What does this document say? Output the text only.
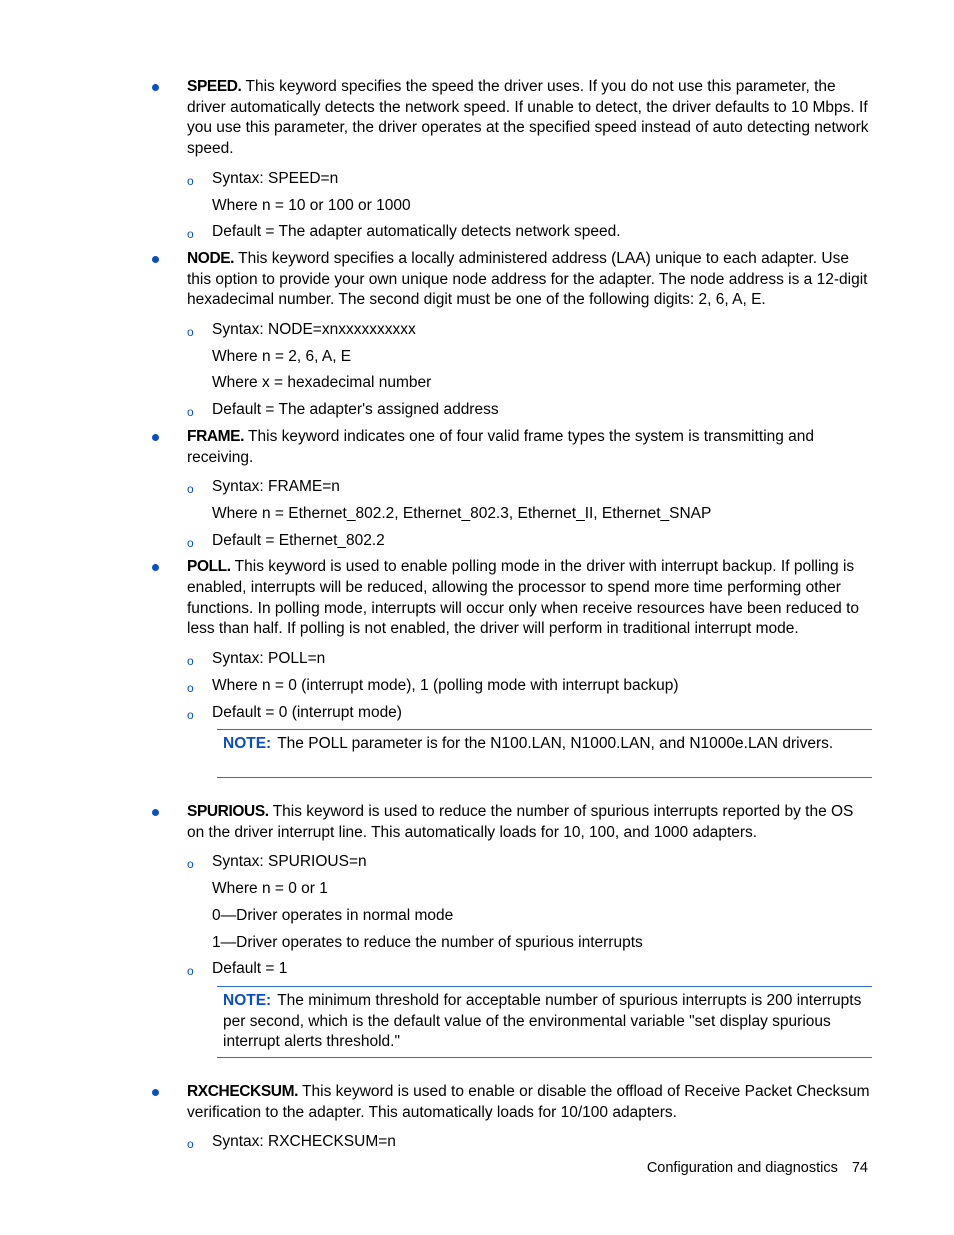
SPEED. This keyword specifies the speed the driver uses. If you do not use this parameter, the driver automatically detects the network speed. If unable to detect, the driver defaults to 10 Mbps. If you use this parameter, the driver operates at the specified speed instead of auto detecting network speed.
o Syntax: SPEED=n
Where n = 10 or 100 or 1000
o Default = The adapter automatically detects network speed.
NODE. This keyword specifies a locally administered address (LAA) unique to each adapter. Use this option to provide your own unique node address for the adapter. The node address is a 12-digit hexadecimal number. The second digit must be one of the following digits: 2, 6, A, E.
o Syntax: NODE=xnxxxxxxxxxx
Where n = 2, 6, A, E
Where x = hexadecimal number
o Default = The adapter's assigned address
FRAME. This keyword indicates one of four valid frame types the system is transmitting and receiving.
o Syntax: FRAME=n
Where n = Ethernet_802.2, Ethernet_802.3, Ethernet_II, Ethernet_SNAP
o Default = Ethernet_802.2
POLL. This keyword is used to enable polling mode in the driver with interrupt backup. If polling is enabled, interrupts will be reduced, allowing the processor to spend more time performing other functions. In polling mode, interrupts will occur only when receive resources have been reduced to less than half. If polling is not enabled, the driver will perform in traditional interrupt mode.
o Syntax: POLL=n
o Where n = 0 (interrupt mode), 1 (polling mode with interrupt backup)
o Default = 0 (interrupt mode)
NOTE: The POLL parameter is for the N100.LAN, N1000.LAN, and N1000e.LAN drivers.
SPURIOUS. This keyword is used to reduce the number of spurious interrupts reported by the OS on the driver interrupt line. This automatically loads for 10, 100, and 1000 adapters.
o Syntax: SPURIOUS=n
Where n = 0 or 1
0—Driver operates in normal mode
1—Driver operates to reduce the number of spurious interrupts
o Default = 1
NOTE: The minimum threshold for acceptable number of spurious interrupts is 200 interrupts per second, which is the default value of the environmental variable "set display spurious interrupt alerts threshold."
RXCHECKSUM. This keyword is used to enable or disable the offload of Receive Packet Checksum verification to the adapter. This automatically loads for 10/100 adapters.
o Syntax: RXCHECKSUM=n
Configuration and diagnostics 74
